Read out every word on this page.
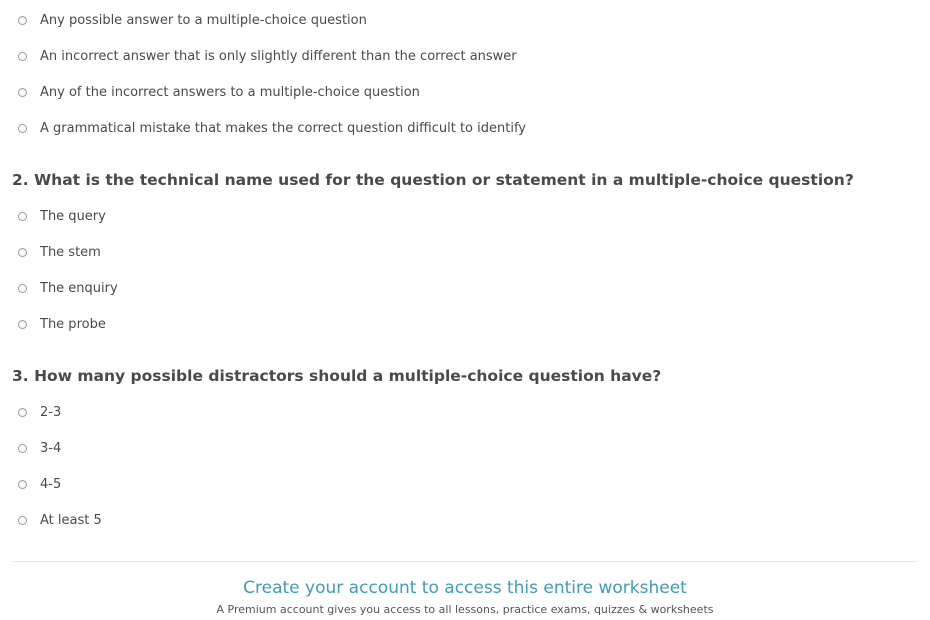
Any possible answer to a multiple-choice question
An incorrect answer that is only slightly different than the correct answer
Any of the incorrect answers to a multiple-choice question
A grammatical mistake that makes the correct question difficult to identify
2. What is the technical name used for the question or statement in a multiple-choice question?
The query
The stem
The enquiry
The probe
3. How many possible distractors should a multiple-choice question have?
2-3
3-4
4-5
At least 5
Create your account to access this entire worksheet
A Premium account gives you access to all lessons, practice exams, quizzes & worksheets
